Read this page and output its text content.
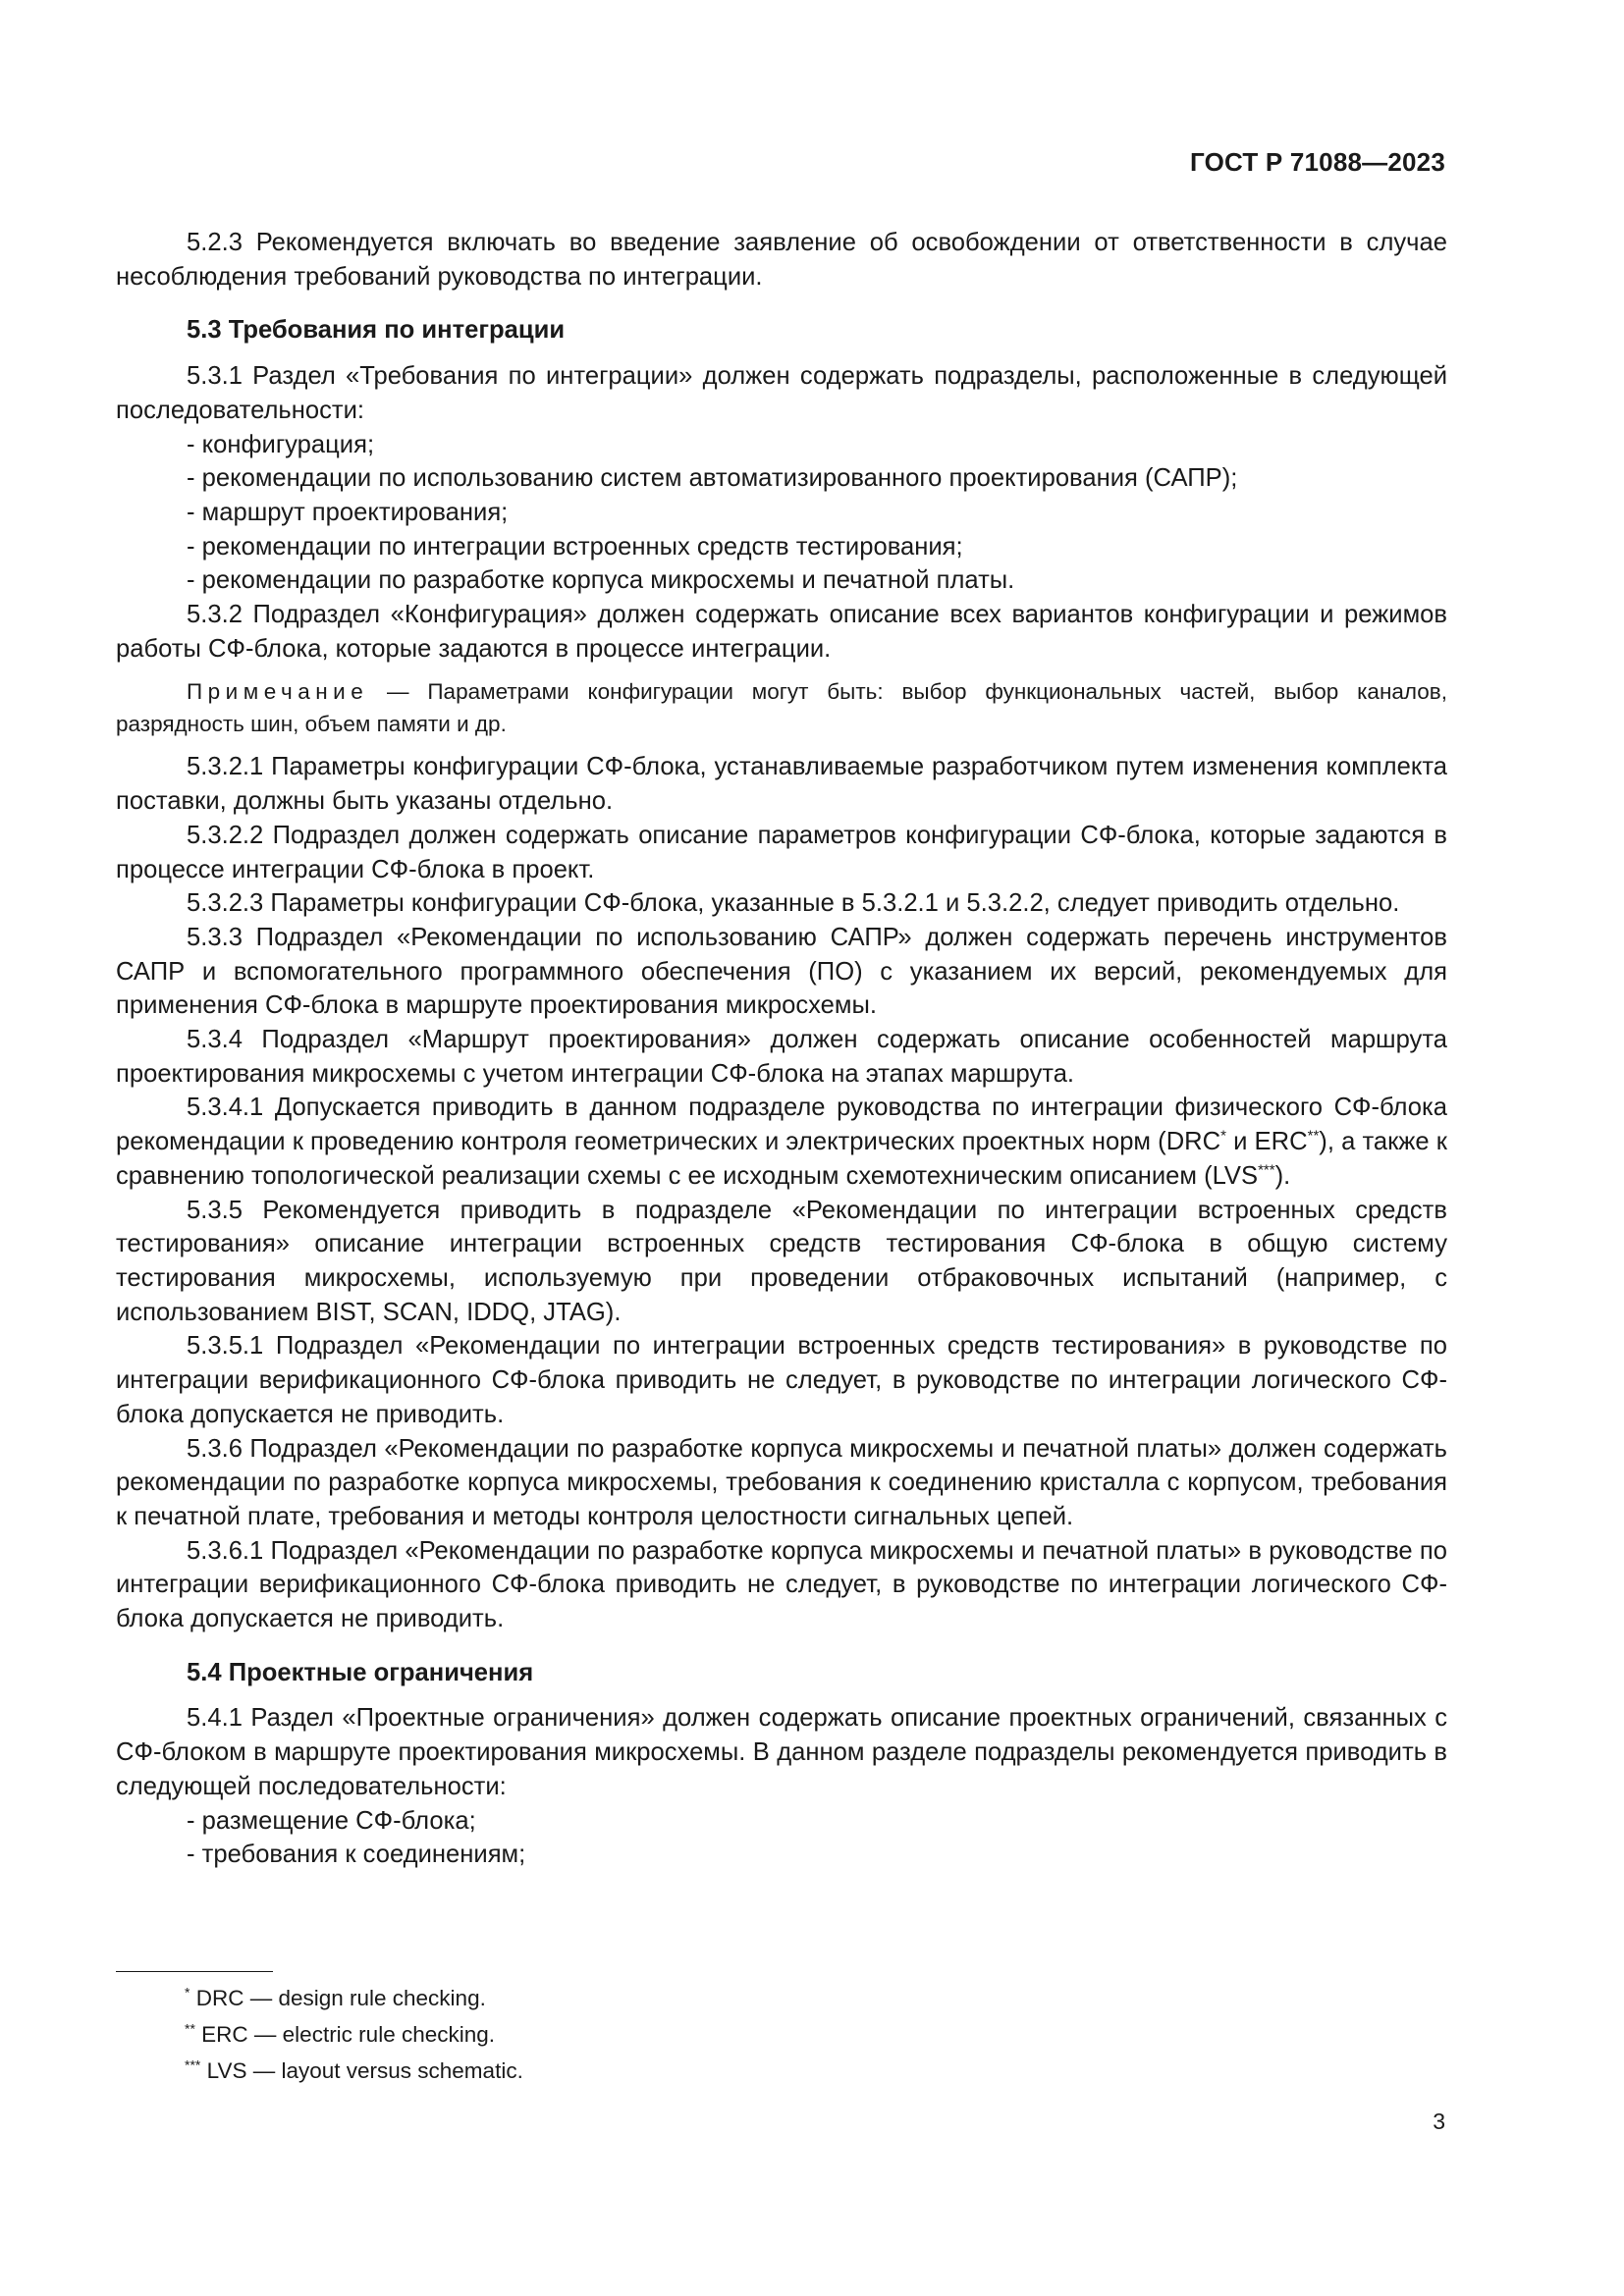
ГОСТ Р 71088—2023

5.2.3 Рекомендуется включать во введение заявление об освобождении от ответственности в случае несоблюдения требований руководства по интеграции.

5.3 Требования по интеграции

5.3.1 Раздел «Требования по интеграции» должен содержать подразделы, расположенные в следующей последовательности:

- конфигурация;

- рекомендации по использованию систем автоматизированного проектирования (САПР);

- маршрут проектирования;

- рекомендации по интеграции встроенных средств тестирования;

- рекомендации по разработке корпуса микросхемы и печатной платы.

5.3.2 Подраздел «Конфигурация» должен содержать описание всех вариантов конфигурации и режимов работы СФ-блока, которые задаются в процессе интеграции.

Примечание — Параметрами конфигурации могут быть: выбор функциональных частей, выбор каналов, разрядность шин, объем памяти и др.

5.3.2.1 Параметры конфигурации СФ-блока, устанавливаемые разработчиком путем изменения комплекта поставки, должны быть указаны отдельно.

5.3.2.2 Подраздел должен содержать описание параметров конфигурации СФ-блока, которые задаются в процессе интеграции СФ-блока в проект.

5.3.2.3 Параметры конфигурации СФ-блока, указанные в 5.3.2.1 и 5.3.2.2, следует приводить отдельно.

5.3.3 Подраздел «Рекомендации по использованию САПР» должен содержать перечень инструментов САПР и вспомогательного программного обеспечения (ПО) с указанием их версий, рекомендуемых для применения СФ-блока в маршруте проектирования микросхемы.

5.3.4 Подраздел «Маршрут проектирования» должен содержать описание особенностей маршрута проектирования микросхемы с учетом интеграции СФ-блока на этапах маршрута.

5.3.4.1 Допускается приводить в данном подразделе руководства по интеграции физического СФ-блока рекомендации к проведению контроля геометрических и электрических проектных норм (DRC* и ERC**), а также к сравнению топологической реализации схемы с ее исходным схемотехническим описанием (LVS***).

5.3.5 Рекомендуется приводить в подразделе «Рекомендации по интеграции встроенных средств тестирования» описание интеграции встроенных средств тестирования СФ-блока в общую систему тестирования микросхемы, используемую при проведении отбраковочных испытаний (например, с использованием BIST, SCAN, IDDQ, JTAG).

5.3.5.1 Подраздел «Рекомендации по интеграции встроенных средств тестирования» в руководстве по интеграции верификационного СФ-блока приводить не следует, в руководстве по интеграции логического СФ-блока допускается не приводить.

5.3.6 Подраздел «Рекомендации по разработке корпуса микросхемы и печатной платы» должен содержать рекомендации по разработке корпуса микросхемы, требования к соединению кристалла с корпусом, требования к печатной плате, требования и методы контроля целостности сигнальных цепей.

5.3.6.1 Подраздел «Рекомендации по разработке корпуса микросхемы и печатной платы» в руководстве по интеграции верификационного СФ-блока приводить не следует, в руководстве по интеграции логического СФ-блока допускается не приводить.

5.4 Проектные ограничения

5.4.1 Раздел «Проектные ограничения» должен содержать описание проектных ограничений, связанных с СФ-блоком в маршруте проектирования микросхемы. В данном разделе подразделы рекомендуется приводить в следующей последовательности:

- размещение СФ-блока;

- требования к соединениям;

* DRC — design rule checking.

** ERC — electric rule checking.

*** LVS — layout versus schematic.

3
